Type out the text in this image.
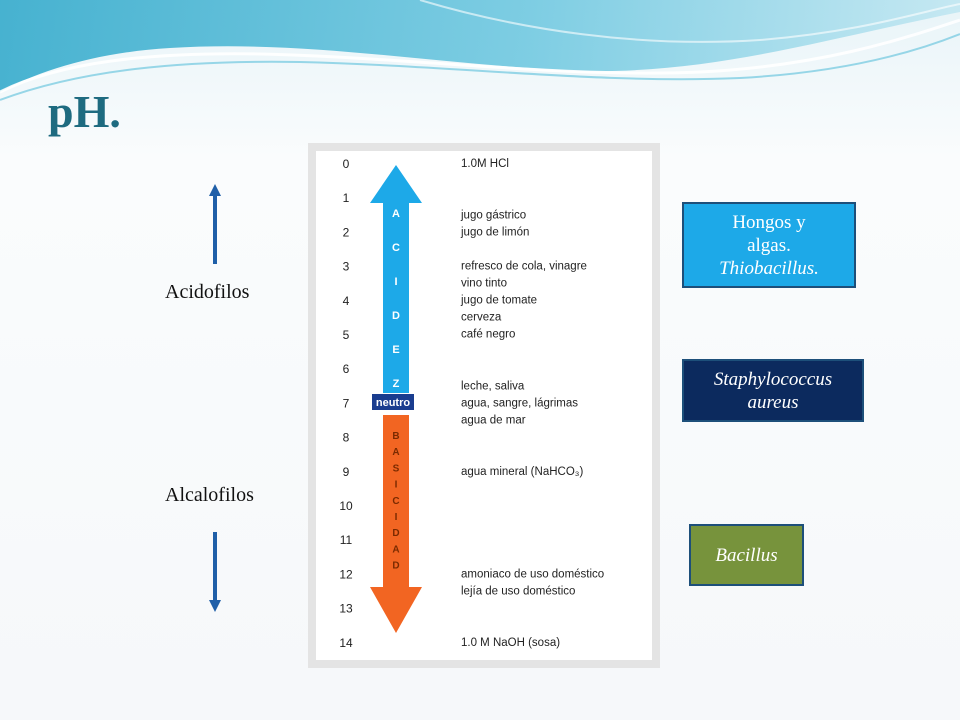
pH.
Acidofilos
Alcalofilos
0
1
2
3
4
5
6
7
8
9
10
11
12
13
14
A
C
I
D
E
Z
neutro
B
A
S
I
C
I
D
A
D
1.0M HCl
jugo gástrico
jugo de limón
refresco de cola, vinagre
vino tinto
jugo de tomate
cerveza
café negro
leche, saliva
agua, sangre, lágrimas
agua de mar
agua mineral (NaHCO₃)
amoniaco de uso doméstico
lejía de uso doméstico
1.0 M NaOH (sosa)
Hongos y
algas.
Thiobacillus.
Staphylococcus
aureus
Bacillus
